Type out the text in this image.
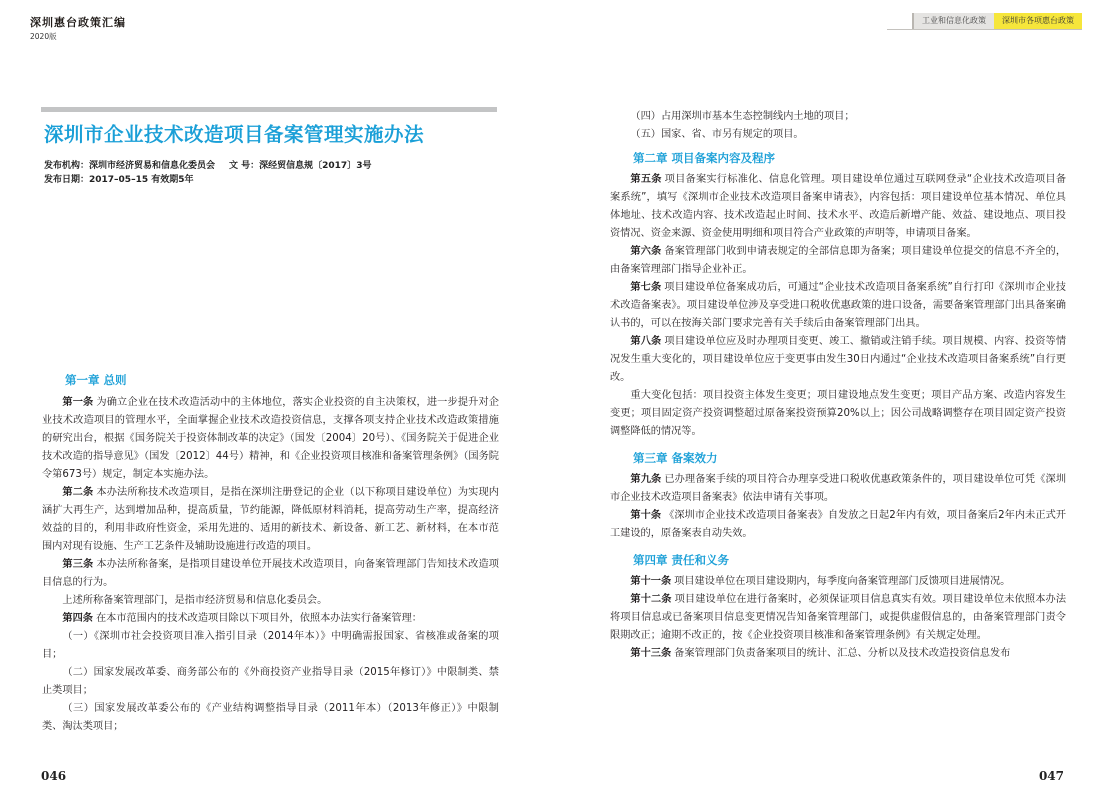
深圳惠台政策汇编
2020版
工业和信息化政策	深圳市各项惠台政策
深圳市企业技术改造项目备案管理实施办法
发布机构：深圳市经济贸易和信息化委员会 文 号：深经贸信息规〔2017〕3号
发布日期：2017–05–15 有效期5年
第一章 总则

第一条 为确立企业在技术改造活动中的主体地位，落实企业投资的自主决策权，进一步提升对企业技术改造项目的管理水平，全面掌握企业技术改造投资信息，支撑各项支持企业技术改造政策措施的研究出台，根据《国务院关于投资体制改革的决定》（国发〔2004〕20号）、《国务院关于促进企业技术改造的指导意见》（国发〔2012〕44号）精神，和《企业投资项目核准和备案管理条例》（国务院令第673号）规定，制定本实施办法。

第二条 本办法所称技术改造项目，是指在深圳注册登记的企业（以下称项目建设单位）为实现内涵扩大再生产，达到增加品种，提高质量，节约能源，降低原材料消耗，提高劳动生产率，提高经济效益的目的，利用非政府性资金，采用先进的、适用的新技术、新设备、新工艺、新材料，在本市范围内对现有设施、生产工艺条件及辅助设施进行改造的项目。

第三条 本办法所称备案，是指项目建设单位开展技术改造项目，向备案管理部门告知技术改造项目信息的行为。

上述所称备案管理部门，是指市经济贸易和信息化委员会。

第四条 在本市范围内的技术改造项目除以下项目外，依照本办法实行备案管理：

（一）《深圳市社会投资项目准入指引目录（2014年本）》中明确需报国家、省核准或备案的项目；

（二）国家发展改革委、商务部公布的《外商投资产业指导目录（2015年修订）》中限制类、禁止类项目；

（三）国家发展改革委公布的《产业结构调整指导目录（2011年本）（2013年修正）》中限制类、淘汰类项目；

（四）占用深圳市基本生态控制线内土地的项目；

（五）国家、省、市另有规定的项目。

第二章 项目备案内容及程序

第五条 项目备案实行标准化、信息化管理。项目建设单位通过互联网登录“企业技术改造项目备案系统”，填写《深圳市企业技术改造项目备案申请表》，内容包括：项目建设单位基本情况、单位具体地址、技术改造内容、技术改造起止时间、技术水平、改造后新增产能、效益、建设地点、项目投资情况、资金来源、资金使用明细和项目符合产业政策的声明等，申请项目备案。

第六条 备案管理部门收到申请表规定的全部信息即为备案；项目建设单位提交的信息不齐全的，由备案管理部门指导企业补正。

第七条 项目建设单位备案成功后，可通过“企业技术改造项目备案系统”自行打印《深圳市企业技术改造备案表》。项目建设单位涉及享受进口税收优惠政策的进口设备，需要备案管理部门出具备案确认书的，可以在按海关部门要求完善有关手续后由备案管理部门出具。

第八条 项目建设单位应及时办理项目变更、竣工、撤销或注销手续。项目规模、内容、投资等情况发生重大变化的，项目建设单位应于变更事由发生30日内通过“企业技术改造项目备案系统”自行更改。

重大变化包括：项目投资主体发生变更；项目建设地点发生变更；项目产品方案、改造内容发生变更；项目固定资产投资调整超过原备案投资预算20%以上；因公司战略调整存在项目固定资产投资调整降低的情况等。

第三章 备案效力

第九条 已办理备案手续的项目符合办理享受进口税收优惠政策条件的，项目建设单位可凭《深圳市企业技术改造项目备案表》依法申请有关事项。

第十条 《深圳市企业技术改造项目备案表》自发放之日起2年内有效，项目备案后2年内未正式开工建设的，原备案表自动失效。

第四章 责任和义务

第十一条 项目建设单位在项目建设期内，每季度向备案管理部门反馈项目进展情况。

第十二条 项目建设单位在进行备案时，必须保证项目信息真实有效。项目建设单位未依照本办法将项目信息或已备案项目信息变更情况告知备案管理部门，或提供虚假信息的，由备案管理部门责令限期改正；逾期不改正的，按《企业投资项目核准和备案管理条例》有关规定处理。

第十三条 备案管理部门负责备案项目的统计、汇总、分析以及技术改造投资信息发布

046	047
